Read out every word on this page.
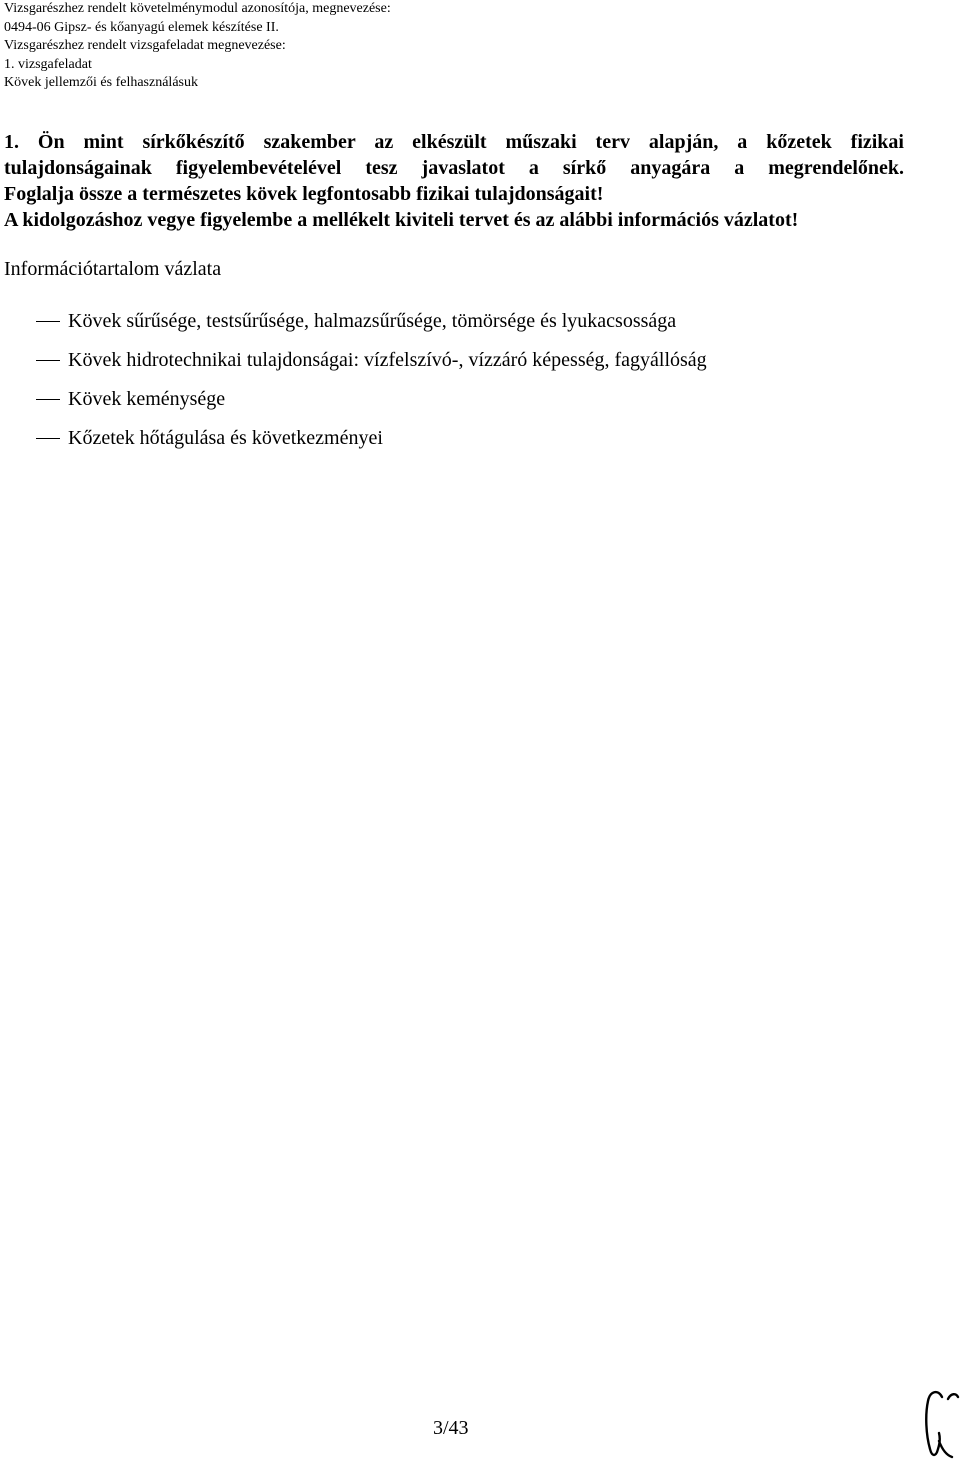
Vizsgarészhez rendelt követelménymodul azonosítója, megnevezése:
0494-06 Gipsz- és kőanyagú elemek készítése II.
Vizsgarészhez rendelt vizsgafeladat megnevezése:
1. vizsgafeladat
Kövek jellemzői és felhasználásuk

1. Ön mint sírkőkészítő szakember az elkészült műszaki terv alapján, a kőzetek fizikai

tulajdonságainak figyelembevételével tesz javaslatot a sírkő anyagára a megrendelőnek.

Foglalja össze a természetes kövek legfontosabb fizikai tulajdonságait!

A kidolgozáshoz vegye figyelembe a mellékelt kiviteli tervet és az alábbi információs vázlatot!

Információtartalom vázlata
Kövek sűrűsége, testsűrűsége, halmazsűrűsége, tömörsége és lyukacsossága
Kövek hidrotechnikai tulajdonságai: vízfelszívó-, vízzáró képesség, fagyállóság
Kövek keménysége
Kőzetek hőtágulása és következményei
3/43
